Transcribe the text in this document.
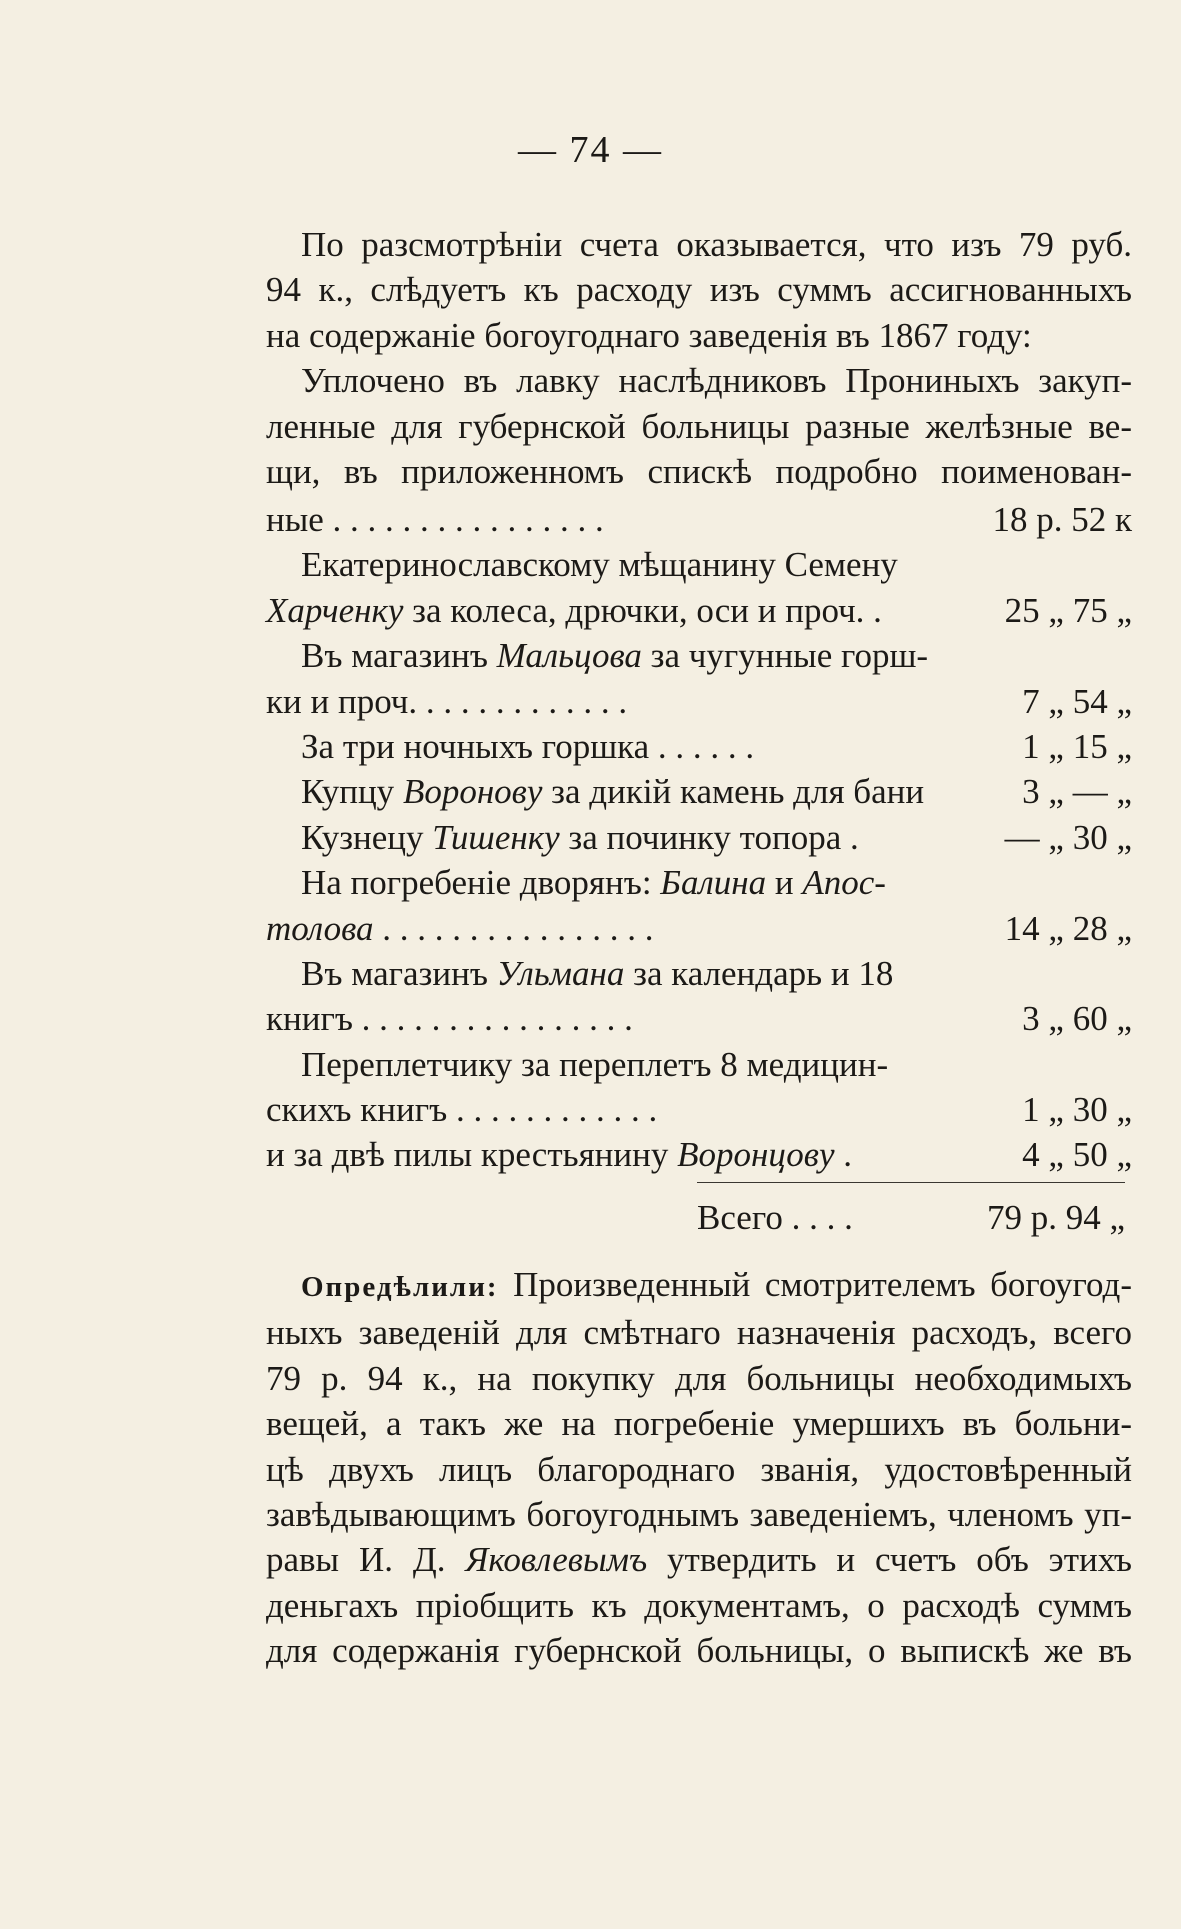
— 74 —
По разсмотрѣніи счета оказывается, что изъ 79 руб.
94 к., слѣдуетъ къ расходу изъ суммъ ассигнованныхъ
на содержаніе богоугоднаго заведенія въ 1867 году:
Уплочено въ лавку наслѣдниковъ Прониныхъ закуп-
ленные для губернской больницы разные желѣзные ве-
щи, въ приложенномъ спискѣ подробно поименован-
ные . . . . . . . . . . . . . . . .	18 р. 52 к
Екатеринославскому мѣщанину Семену
Харченку за колеса, дрючки, оси и проч. .	25 „ 75 „
Въ магазинъ Мальцова за чугунные горш-
ки и проч. . . . . . . . . . . . .	7 „ 54 „
За три ночныхъ горшка . . . . . .	1 „ 15 „
Купцу Воронову за дикій камень для бани	3 „ — „
Кузнецу Тишенку за починку топора .	— „ 30 „
На погребеніе дворянъ: Балина и Апос-
толова . . . . . . . . . . . . . . . .	14 „ 28 „
Въ магазинъ Ульмана за календарь и 18
книгъ . . . . . . . . . . . . . . . .	3 „ 60 „
Переплетчику за переплетъ 8 медицин-
скихъ книгъ . . . . . . . . . . . .	1 „ 30 „
и за двѣ пилы крестьянину Воронцову .	4 „ 50 „
Всего . . . .	79 р. 94 „
Опредѣлили: Произведенный смотрителемъ богоугод-
ныхъ заведеній для смѣтнаго назначенія расходъ, всего
79 р. 94 к., на покупку для больницы необходимыхъ
вещей, а такъ же на погребеніе умершихъ въ больни-
цѣ двухъ лицъ благороднаго званія, удостовѣренный
завѣдывающимъ богоугоднымъ заведеніемъ, членомъ уп-
равы И. Д. Яковлевымъ утвердить и счетъ объ этихъ
деньгахъ пріобщить къ документамъ, о расходѣ суммъ
для содержанія губернской больницы, о выпискѣ же въ
